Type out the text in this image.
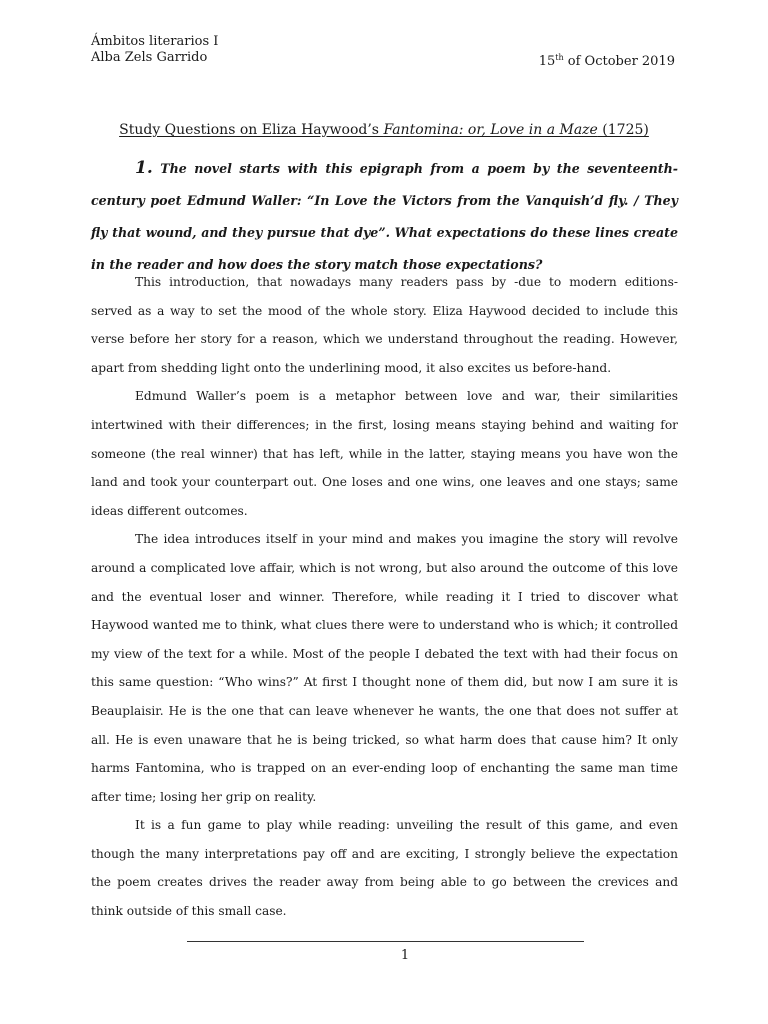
Ámbitos literarios I
Alba Zels Garrido	15th of October 2019
Study Questions on Eliza Haywood’s Fantomina: or, Love in a Maze (1725)
1. The novel starts with this epigraph from a poem by the seventeenth-century poet Edmund Waller: “In Love the Victors from the Vanquish’d fly. / They fly that wound, and they pursue that dye”. What expectations do these lines create in the reader and how does the story match those expectations?

This introduction, that nowadays many readers pass by -due to modern editions- served as a way to set the mood of the whole story. Eliza Haywood decided to include this verse before her story for a reason, which we understand throughout the reading. However, apart from shedding light onto the underlining mood, it also excites us before-hand.

Edmund Waller’s poem is a metaphor between love and war, their similarities intertwined with their differences; in the first, losing means staying behind and waiting for someone (the real winner) that has left, while in the latter, staying means you have won the land and took your counterpart out. One loses and one wins, one leaves and one stays; same ideas different outcomes.

The idea introduces itself in your mind and makes you imagine the story will revolve around a complicated love affair, which is not wrong, but also around the outcome of this love and the eventual loser and winner. Therefore, while reading it I tried to discover what Haywood wanted me to think, what clues there were to understand who is which; it controlled my view of the text for a while. Most of the people I debated the text with had their focus on this same question: “Who wins?” At first I thought none of them did, but now I am sure it is Beauplaisir. He is the one that can leave whenever he wants, the one that does not suffer at all. He is even unaware that he is being tricked, so what harm does that cause him? It only harms Fantomina, who is trapped on an ever-ending loop of enchanting the same man time after time; losing her grip on reality.

It is a fun game to play while reading: unveiling the result of this game, and even though the many interpretations pay off and are exciting, I strongly believe the expectation the poem creates drives the reader away from being able to go between the crevices and think outside of this small case.

1
